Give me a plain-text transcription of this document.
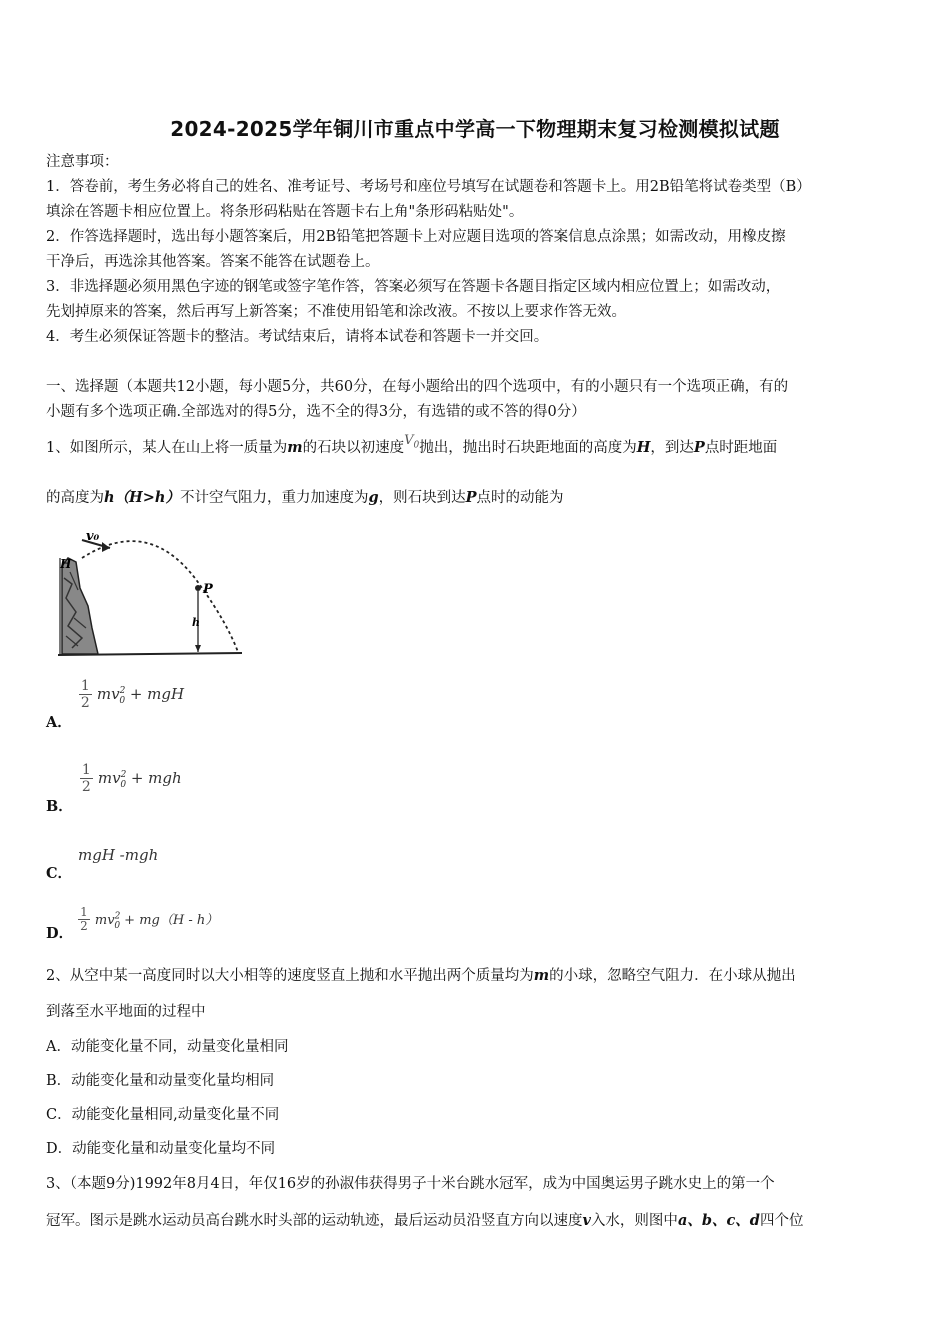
2024-2025学年铜川市重点中学高一下物理期末复习检测模拟试题
注意事项：
1．答卷前，考生务必将自己的姓名、准考证号、考场号和座位号填写在试题卷和答题卡上。用2B铅笔将试卷类型（B）
填涂在答题卡相应位置上。将条形码粘贴在答题卡右上角"条形码粘贴处"。
2．作答选择题时，选出每小题答案后，用2B铅笔把答题卡上对应题目选项的答案信息点涂黑；如需改动，用橡皮擦
干净后，再选涂其他答案。答案不能答在试题卷上。
3．非选择题必须用黑色字迹的钢笔或签字笔作答，答案必须写在答题卡各题目指定区域内相应位置上；如需改动，
先划掉原来的答案，然后再写上新答案；不准使用铅笔和涂改液。不按以上要求作答无效。
4．考生必须保证答题卡的整洁。考试结束后，请将本试卷和答题卡一并交回。
一、选择题（本题共12小题，每小题5分，共60分，在每小题给出的四个选项中，有的小题只有一个选项正确，有的
小题有多个选项正确.全部选对的得5分，选不全的得3分，有选错的或不答的得0分）
1、如图所示，某人在山上将一质量为m的石块以初速度$V_0$抛出，抛出时石块距地面的高度为H，到达P点时距地面
的高度为h（H>h）不计空气阻力，重力加速度为g，则石块到达P点时的动能为
H
v₀
P
h
A．
$\frac{1}{2} mv^2_0$ + mgH
B．
$\frac{1}{2} mv^2_0$ + mgh
mgH -mgh
C．
D．
$\frac{1}{2} mv^2_0 + mg(H - h)$
2、从空中某一高度同时以大小相等的速度竖直上抛和水平抛出两个质量均为m的小球，忽略空气阻力．在小球从抛出
到落至水平地面的过程中
A．动能变化量不同，动量变化量相同
B．动能变化量和动量变化量均相同
C．动能变化量相同,动量变化量不同
D．动能变化量和动量变化量均不同
3、（本题9分)1992年8月4日，年仅16岁的孙淑伟获得男子十米台跳水冠军，成为中国奥运男子跳水史上的第一个
冠军。图示是跳水运动员高台跳水时头部的运动轨迹，最后运动员沿竖直方向以速度v入水，则图中a、b、c、d四个位
